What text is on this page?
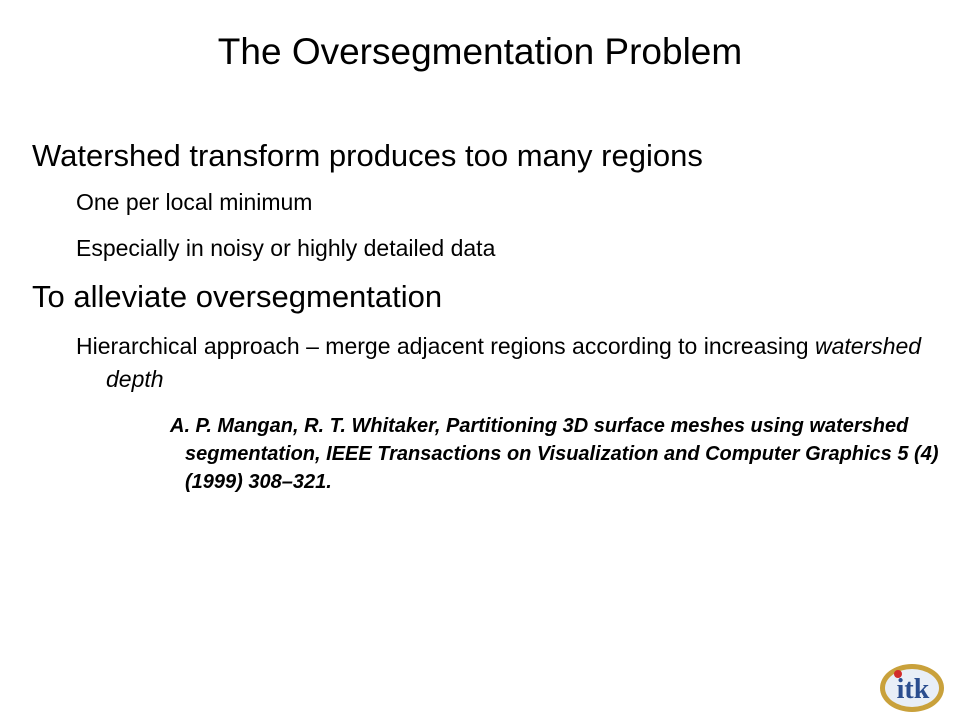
The Oversegmentation Problem
Watershed transform produces too many regions
One per local minimum
Especially in noisy or highly detailed data
To alleviate oversegmentation
Hierarchical approach – merge adjacent regions according to increasing watershed depth
A. P. Mangan, R. T. Whitaker, Partitioning 3D surface meshes using watershed segmentation, IEEE Transactions on Visualization and Computer Graphics 5 (4) (1999) 308–321.
itk
